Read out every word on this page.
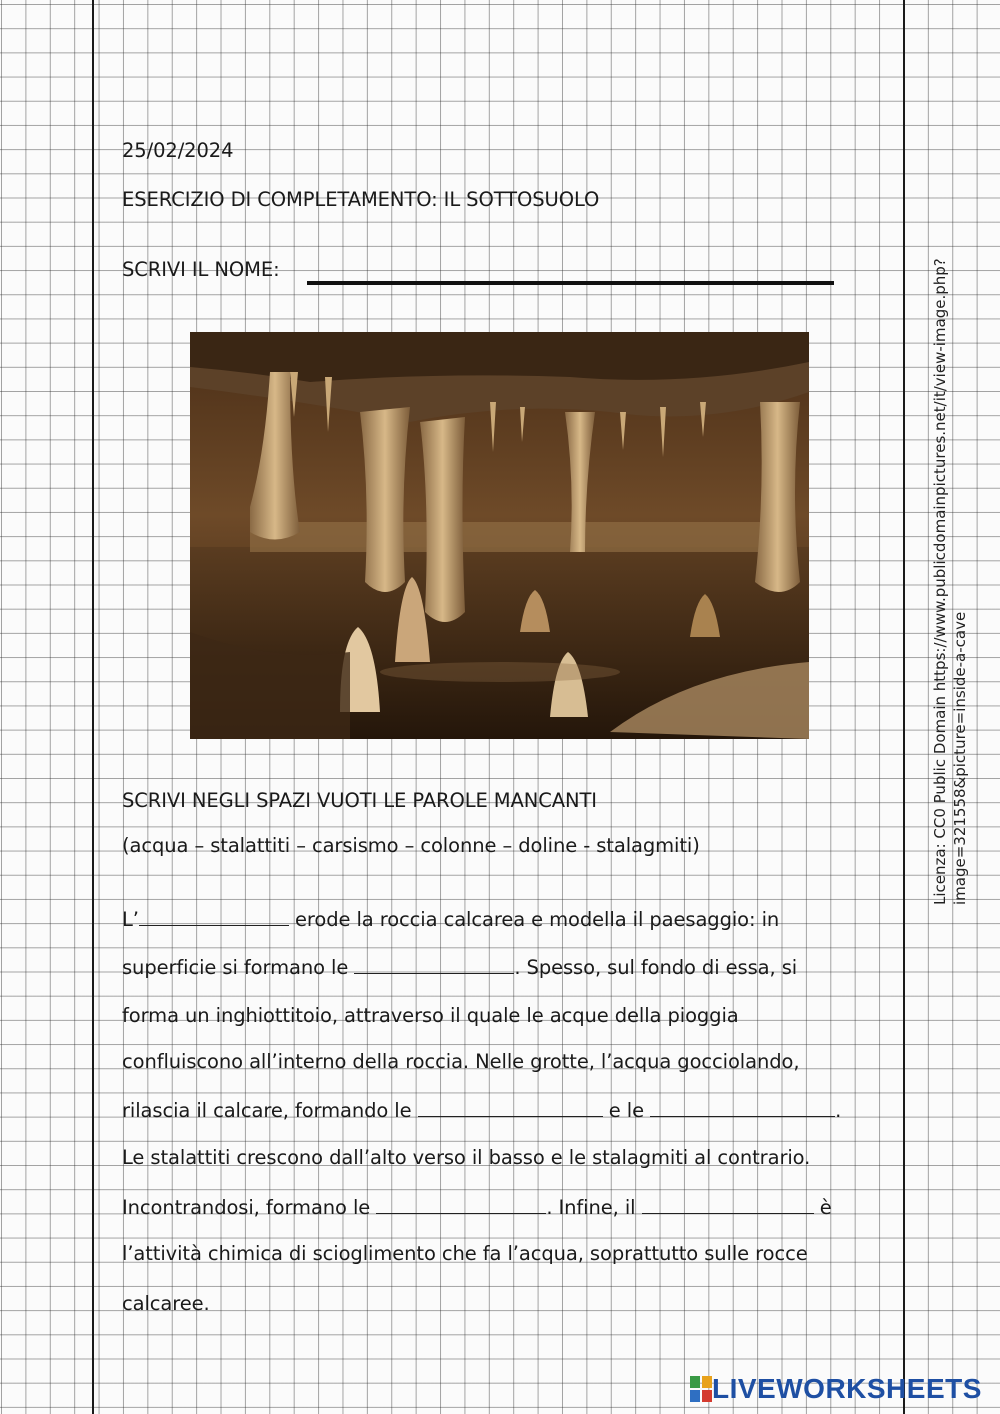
25/02/2024
ESERCIZIO DI COMPLETAMENTO: IL SOTTOSUOLO
SCRIVI IL NOME:
SCRIVI NEGLI SPAZI VUOTI LE PAROLE MANCANTI
(acqua – stalattiti – carsismo – colonne – doline - stalagmiti)
L’	erode la roccia calcarea e modella il paesaggio: in
superficie si formano le	. Spesso, sul fondo di essa, si
forma un inghiottitoio, attraverso il quale le acque della pioggia
confluiscono all’interno della roccia. Nelle grotte, l’acqua gocciolando,
rilascia il calcare, formando le	e le	.
Le stalattiti crescono dall’alto verso il basso e le stalagmiti al contrario.
Incontrandosi, formano le	. Infine, il	è
l’attività chimica di scioglimento che fa l’acqua, soprattutto sulle rocce
calcaree.
Licenza: CC0 Public Domain https://www.publicdomainpictures.net/it/view-image.php? image=321558&picture=inside-a-cave
LIVEWORKSHEETS
